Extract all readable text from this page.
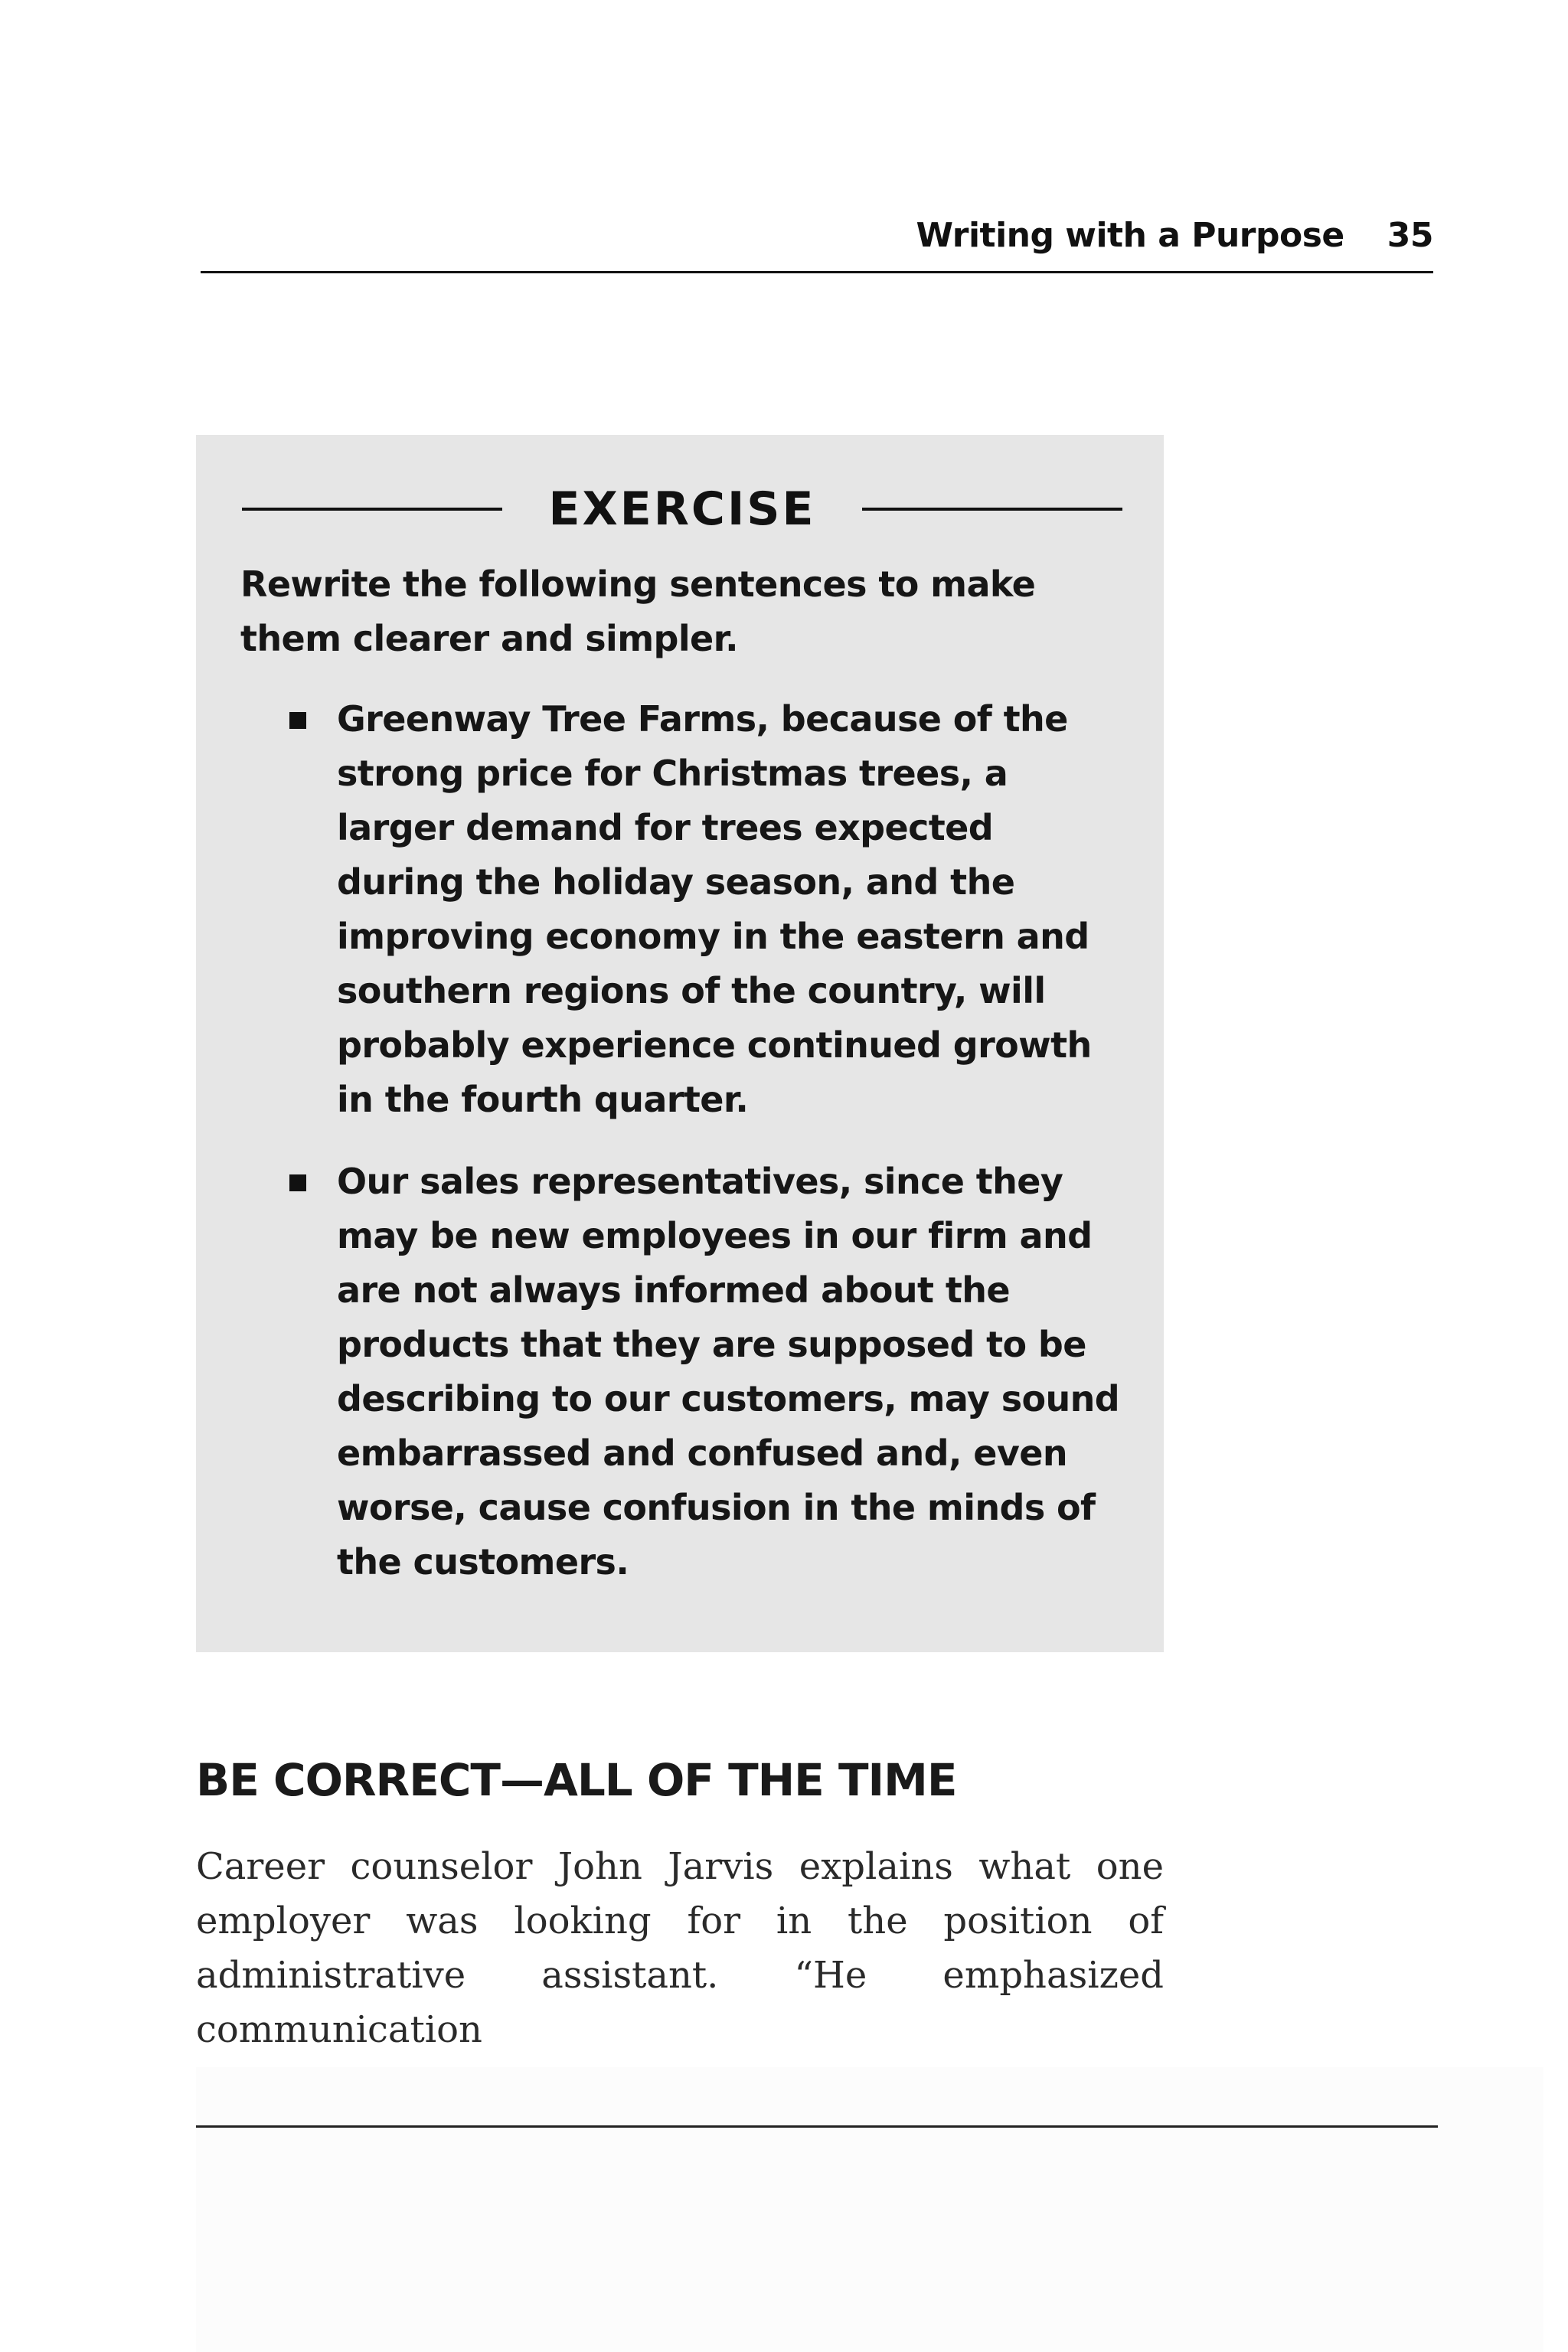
Writing with a Purpose 35
EXERCISE
Rewrite the following sentences to make them clearer and simpler.
Greenway Tree Farms, because of the strong price for Christmas trees, a larger demand for trees expected during the holiday season, and the improving economy in the eastern and southern regions of the country, will probably experience continued growth in the fourth quarter.
Our sales representatives, since they may be new employees in our firm and are not always informed about the products that they are supposed to be describing to our customers, may sound embarrassed and confused and, even worse, cause confusion in the minds of the customers.
BE CORRECT—ALL OF THE TIME
Career counselor John Jarvis explains what one employer was looking for in the position of administrative assistant. “He emphasized communication
